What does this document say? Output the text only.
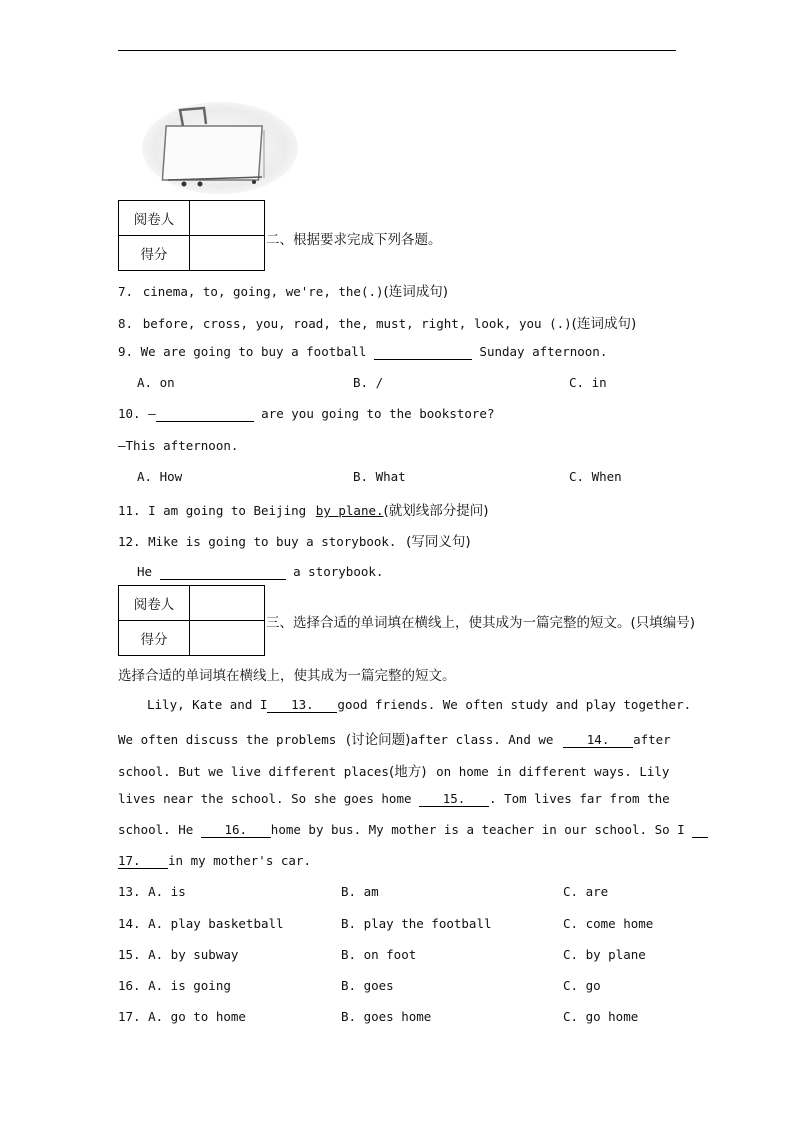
阅卷人	
得分	
二、根据要求完成下列各题。
7. cinema, to, going, we're, the(.)(连词成句)
8. before, cross, you, road, the, must, right, look, you (.)(连词成句)
9. We are going to buy a football	Sunday afternoon.
A. on	B. /	C. in
10. —	are you going to the bookstore?
—This afternoon.
A. How	B. What	C. When
11. I am going to Beijing by plane.(就划线部分提问)
12. Mike is going to buy a storybook. (写同义句)
He	a storybook.
阅卷人	
得分	
三、选择合适的单词填在横线上，使其成为一篇完整的短文。(只填编号)
选择合适的单词填在横线上，使其成为一篇完整的短文。
Lily, Kate and I 13. good friends. We often study and play together.
We often discuss the problems (讨论问题)after class. And we	14. after
school. But we live different places(地方) on home in different ways. Lily
lives near the school. So she goes home 15. . Tom lives far from the
school. He 16. home by bus. My mother is a teacher in our school. So I
17. in my mother's car.
13. A. is	B. am	C. are
14. A. play basketball	B. play the football	C. come home
15. A. by subway	B. on foot	C. by plane
16. A. is going	B. goes	C. go
17. A. go to home	B. goes home	C. go home
